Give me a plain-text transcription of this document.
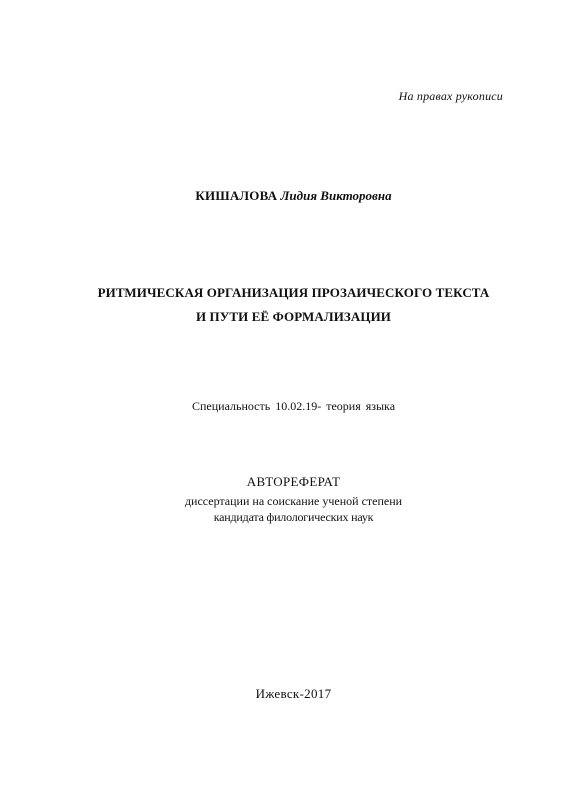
На правах рукописи
КИШАЛОВА Лидия Викторовна
РИТМИЧЕСКАЯ ОРГАНИЗАЦИЯ ПРОЗАИЧЕСКОГО ТЕКСТА
И ПУТИ ЕЁ ФОРМАЛИЗАЦИИ
Специальность 10.02.19- теория языка
АВТОРЕФЕРАТ
диссертации на соискание ученой степени
кандидата филологических наук
Ижевск-2017
